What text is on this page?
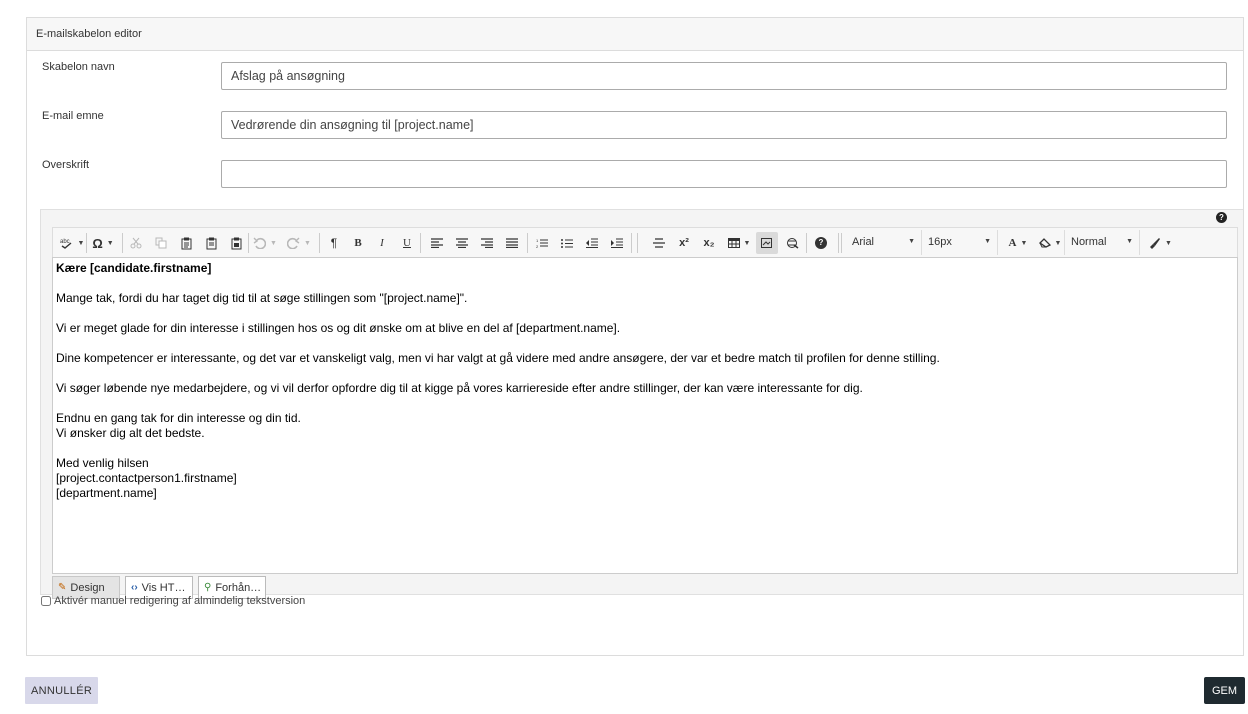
E-mailskabelon editor
Skabelon navn
Afslag på ansøgning
E-mail emne
Vedrørende din ansøgning til [project.name]
Overskrift
?
abc ▼ Ω ▼	▼	▼ ¶ B I U	1
2	x² x₂	▼	?	Arial	▼	16px	▼ A ▼	▼ Normal	▼	▼

Kære [candidate.firstname]

Mange tak, fordi du har taget dig tid til at søge stillingen som "[project.name]".

Vi er meget glade for din interesse i stillingen hos os og dit ønske om at blive en del af [department.name].

Dine kompetencer er interessante, og det var et vanskeligt valg, men vi har valgt at gå videre med andre ansøgere, der var et bedre match til profilen for denne stilling.

Vi søger løbende nye medarbejdere, og vi vil derfor opfordre dig til at kigge på vores karriereside efter andre stillinger, der kan være interessante for dig.

Endnu en gang tak for din interesse og din tid.

Vi ønsker dig alt det bedste.

Med venlig hilsen

[project.contactperson1.firstname]

[department.name]

✎ Design	‹› Vis HT… ⚲ Forhån…
Aktivér manuel redigering af almindelig tekstversion
ANNULLÉR	GEM
